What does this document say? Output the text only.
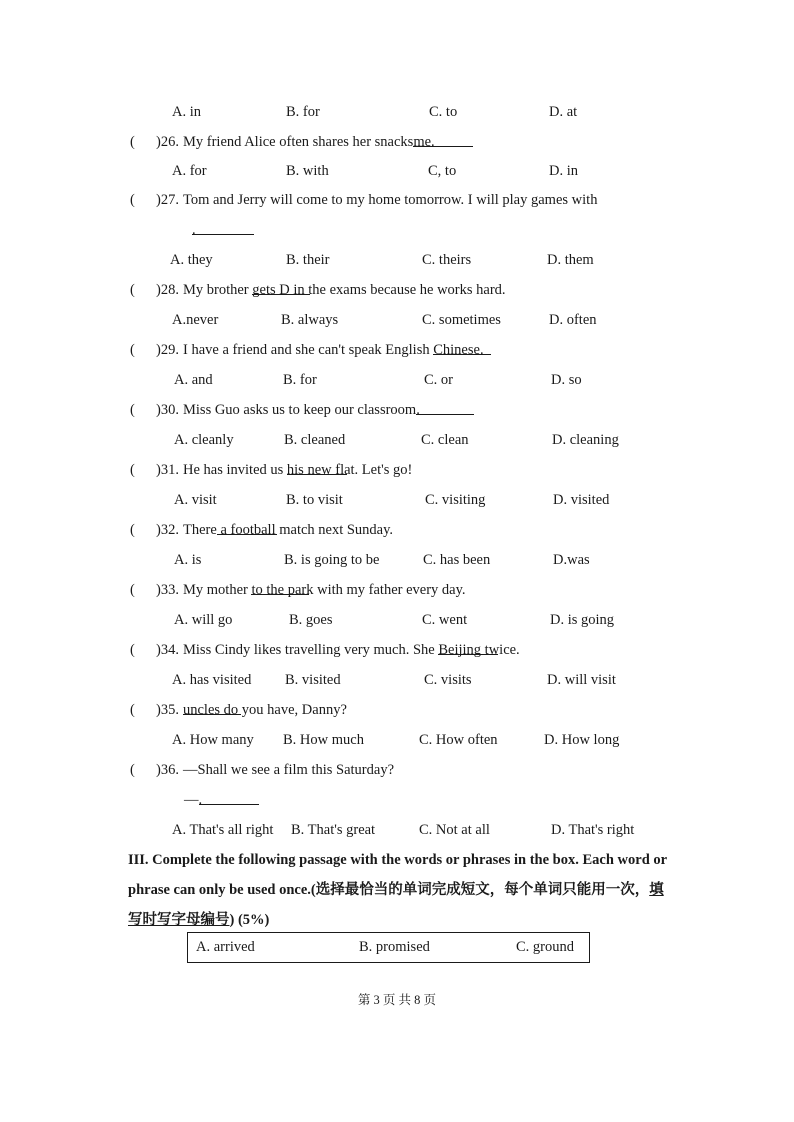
A. in	B. for	C. to	D. at
( )26. My friend Alice often shares her snacks
me.
A. for	B. with	C, to	D. in
( )27. Tom and Jerry will come to my home tomorrow. I will play games with
.
A. they	B. their	C. theirs	D. them
( )28. My brother gets D in the exams because he works hard.
A.never	B. always	C. sometimes	D. often
( )29. I have a friend and she can't speak English Chinese.
A. and	B. for	C. or	D. so
( )30. Miss Guo asks us to keep our classroom
.
A. cleanly	B. cleaned	C. clean	D. cleaning
( )31. He has invited us his new flat. Let's go!
A. visit	B. to visit	C. visiting	D. visited
( )32. There a football match next Sunday.
A. is	B. is going to be	C. has been	D.was
( )33. My mother to the park with my father every day.
A. will go	B. goes	C. went	D. is going
( )34. Miss Cindy likes travelling very much. She Beijing twice.
A. has visited B. visited	C. visits	D. will visit
( )35. uncles do you have, Danny?
A. How many B. How much	C. How often	D. How long
( )36. —Shall we see a film this Saturday?
—
.
A. That's all right B. That's great	C. Not at all	D. That's right
III. Complete the following passage with the words or phrases in the box. Each word or phrase can only be used once.(选择最恰当的单词完成短文，每个单词只能用一次，填写时写字母编号) (5%)
A. arrived	B. promised	C. ground
第 3 页 共 8 页
